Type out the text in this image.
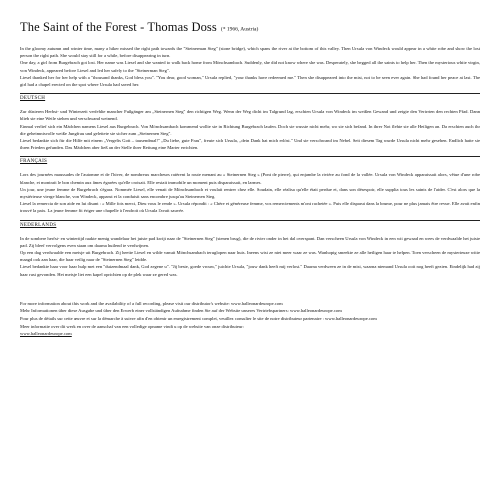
The Saint of the Forest - Thomas Doss (* 1966, Austria)

In the gloomy autumn and winter time, many a hiker missed the right path towards the "Steinerman Steg" (stone bridge), which spans the river at the bottom of this valley. Then Ursula von Windeck would appear in a white robe and show the lost person the right path. She would stay still for a while, before disappearing in turn.

One day, a girl from Burgebrach got lost. Her name was Liesel and she wanted to walk back home from Mönchsambach. Suddenly, she did not know where she was. Desperately, she begged all the saints to help her. Then the mysterious white virgin, von Windeck, appeared before Liesel and led her safely to the "Steinerman Steg".

Liesel thanked her for her help with a "thousand thanks, God bless you". "You dear, good woman," Ursula replied, "your thanks have redeemed me." Then she disappeared into the mist, not to be seen ever again. She had found her peace at last. The girl had a chapel erected on the spot where Ursula had saved her.

DEUTSCH

Zur düsteren Herbst- und Winterzeit verfehlte mancher Fußgänger am „Steinernen Steg" den richtigen Weg. Wenn der Weg dicht im Talgrund lag, erschien Ursula von Windeck im weißen Gewand und zeigte den Verirrten den rechten Pfad. Dann blieb sie eine Weile stehen und verschwand weinend.

Einmal verlief sich ein Mädchen namens Liesel aus Burgebrach. Von Mönchsambach kommend wollte sie in Richtung Burgebrach laufen. Doch sie wusste nicht mehr, wo sie sich befand. In ihrer Not flehte sie alle Heiligen an. Da erschien auch ihr die geheimnisvolle weiße Jungfrau und geleitete sie sicher zum „Steinernen Steg".

Liesel bedankte sich für die Hilfe mit einem „Vergelts Gott – tausendmal!" „Du liebe, gute Frau", freute sich Ursula, „dein Dank hat mich erlöst." Und sie verschwand im Nebel. Seit diesem Tag wurde Ursula nicht mehr gesehen. Endlich hatte sie ihren Frieden gefunden. Das Mädchen aber ließ an der Stelle ihrer Rettung eine Marter errichten.

FRANÇAIS

Lors des journées maussades de l'automne et de l'hiver, de nombreux marcheurs ratèrent la route menant au « Steinernen Steg » (Pont de pierre), qui enjambe la rivière au fond de la vallée. Ursula von Windeck apparaissait alors, vêtue d'une robe blanche, et montrait le bon chemin aux âmes égarées qu'elle croisait. Elle restait immobile un moment puis disparaissait, en larmes.

Un jour, une jeune femme de Burgebrach s'égara. Nommée Liesel, elle venait de Mönchsambach et voulait rentrer chez elle. Soudain, elle réalisa qu'elle était perdue et, dans son désespoir, elle supplia tous les saints de l'aider. C'est alors que la mystérieuse vierge blanche, von Windeck, apparut et la conduisit sans encombre jusqu'au Steinernen Steg.

Liesel la remercia de son aide en lui disant : « Mille fois merci, Dieu vous le rende ». Ursula répondit : « Chère et généreuse femme, vos remerciements m'ont rachetée ». Puis elle disparut dans la brume, pour ne plus jamais être revue. Elle avait enfin trouvé la paix. La jeune femme fit ériger une chapelle à l'endroit où Ursula l'avait sauvée.

NEDERLANDS

In de sombere herfst- en wintertijd raakte menig wandelaar het juiste pad kwijt naar de "Steinernen Steg" (stenen brug), die de rivier onder in het dal overspant. Dan verscheen Ursula von Windeck in een wit gewaad en wees de verdwaalde het juiste pad. Zij bleef vervolgens even staan om daarna huilend te verdwijnen.

Op een dag verdwaalde een meisje uit Burgebrach. Zij heette Liesel en wilde vanuit Mönchsambach teruglopen naar huis. Ineens wist ze niet meer waar ze was. Wanhopig smeekte ze alle heiligen haar te helpen. Toen verscheen de mysterieuze witte maagd ook aan haar, die haar veilig naar de "Steinernen Steg" leidde.

Liesel bedankte haar voor haar hulp met een "duizendmaal dank, God zegene u". "Jij beste, goede vrouw," juichte Ursula, "jouw dank heeft mij verlost." Daarna verdween ze in de mist, waarna niemand Ursula ooit nog heeft gezien. Eindelijk had zij haar rust gevonden. Het meisje liet een kapel oprichten op de plek waar ze gered was.

For more information about this work and the availability of a full recording, please visit our distributor's website: www.halleonardeurope.com

Mehr Informationen über diese Ausgabe und über den Erwerb einer vollständigen Aufnahme finden Sie auf der Website unseres Vertriebspartners: www.halleonardeurope.com

Pour plus de détails sur cette œuvre et sur la démarche à suivre afin d'en obtenir un enregistrement complet, veuillez consulter le site de notre distributeur partenaire : www.halleonardeurope.com

Meer informatie over dit werk en over de aanschaf van een volledige opname vindt u op de website van onze distributeur:

www.halleonardeurope.com
